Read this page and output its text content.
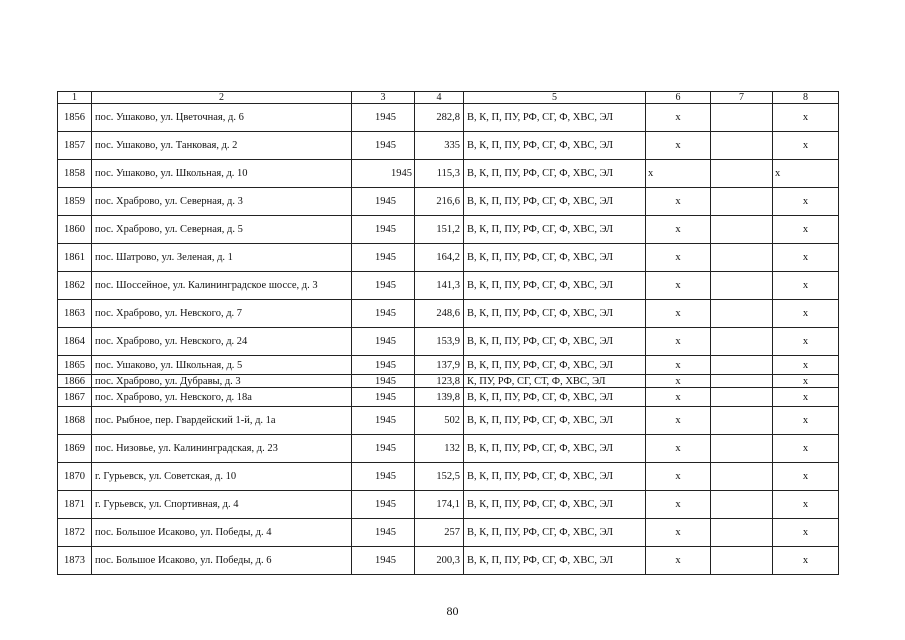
1	2	3	4	5	6	7	8
1856	пос. Ушаково, ул. Цветочная, д. 6	1945	282,8	В, К, П, ПУ, РФ, СГ, Ф, ХВС, ЭЛ	х		х
1857	пос. Ушаково, ул. Танковая, д. 2	1945	335	В, К, П, ПУ, РФ, СГ, Ф, ХВС, ЭЛ	х		х
1858	пос. Ушаково, ул. Школьная, д. 10	1945	115,3	В, К, П, ПУ, РФ, СГ, Ф, ХВС, ЭЛ	x		x
1859	пос. Храброво, ул. Северная, д. 3	1945	216,6	В, К, П, ПУ, РФ, СГ, Ф, ХВС, ЭЛ	х		х
1860	пос. Храброво, ул. Северная, д. 5	1945	151,2	В, К, П, ПУ, РФ, СГ, Ф, ХВС, ЭЛ	х		х
1861	пос. Шатрово, ул. Зеленая, д. 1	1945	164,2	В, К, П, ПУ, РФ, СГ, Ф, ХВС, ЭЛ	х		х
1862	пос. Шоссейное, ул. Калининградское шоссе, д. 3	1945	141,3	В, К, П, ПУ, РФ, СГ, Ф, ХВС, ЭЛ	х		х
1863	пос. Храброво, ул. Невского, д. 7	1945	248,6	В, К, П, ПУ, РФ, СГ, Ф, ХВС, ЭЛ	х		х
1864	пос. Храброво, ул. Невского, д. 24	1945	153,9	В, К, П, ПУ, РФ, СГ, Ф, ХВС, ЭЛ	х		х
1865	пос. Ушаково, ул. Школьная, д. 5	1945	137,9	В, К, П, ПУ, РФ, СГ, Ф, ХВС, ЭЛ	х		х
1866	пос. Храброво, ул. Дубравы, д. 3	1945	123,8	К, ПУ, РФ, СГ, СТ, Ф, ХВС, ЭЛ	х		х
1867	пос. Храброво, ул. Невского, д. 18а	1945	139,8	В, К, П, ПУ, РФ, СГ, Ф, ХВС, ЭЛ	х		х
1868	пос. Рыбное, пер. Гвардейский 1-й, д. 1а	1945	502	В, К, П, ПУ, РФ, СГ, Ф, ХВС, ЭЛ	х		х
1869	пос. Низовье, ул. Калининградская, д. 23	1945	132	В, К, П, ПУ, РФ, СГ, Ф, ХВС, ЭЛ	х		х
1870	г. Гурьевск, ул. Советская, д. 10	1945	152,5	В, К, П, ПУ, РФ, СГ, Ф, ХВС, ЭЛ	х		х
1871	г. Гурьевск, ул. Спортивная, д. 4	1945	174,1	В, К, П, ПУ, РФ, СГ, Ф, ХВС, ЭЛ	х		х
1872	пос. Большое Исаково, ул. Победы, д. 4	1945	257	В, К, П, ПУ, РФ, СГ, Ф, ХВС, ЭЛ	х		х
1873	пос. Большое Исаково, ул. Победы, д. 6	1945	200,3	В, К, П, ПУ, РФ, СГ, Ф, ХВС, ЭЛ	х		х
80
